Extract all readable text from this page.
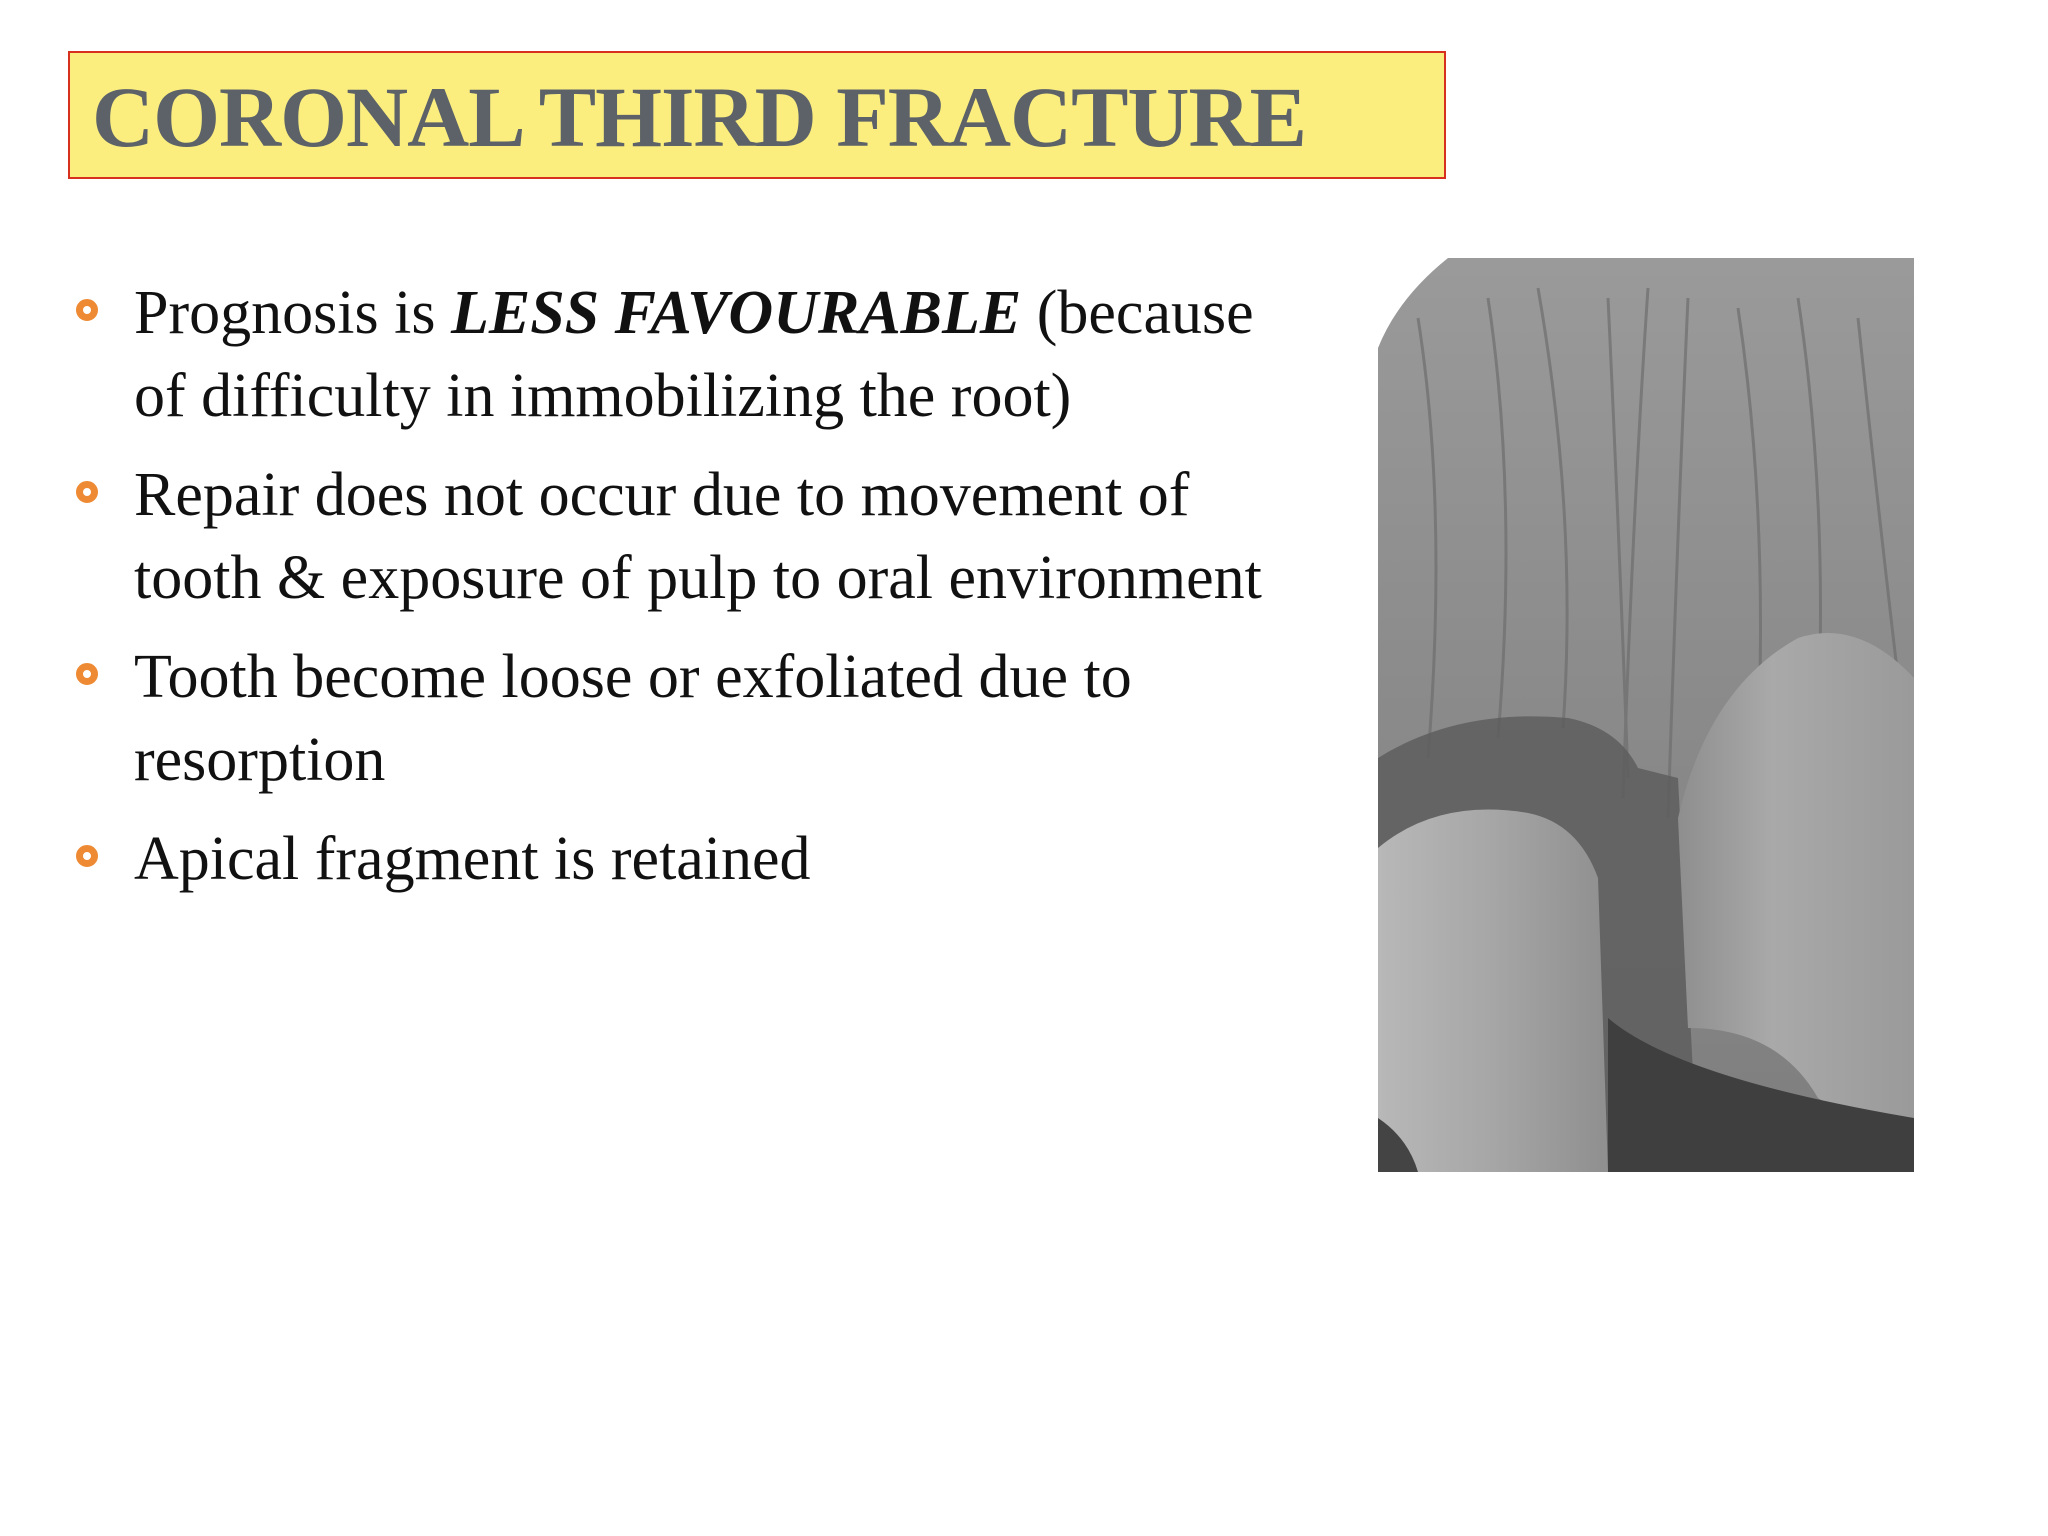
CORONAL THIRD FRACTURE
Prognosis is LESS FAVOURABLE (because of difficulty in immobilizing the root)
Repair does not occur due to movement of tooth & exposure of pulp to oral environment
Tooth become loose or exfoliated due to resorption
Apical fragment is retained
